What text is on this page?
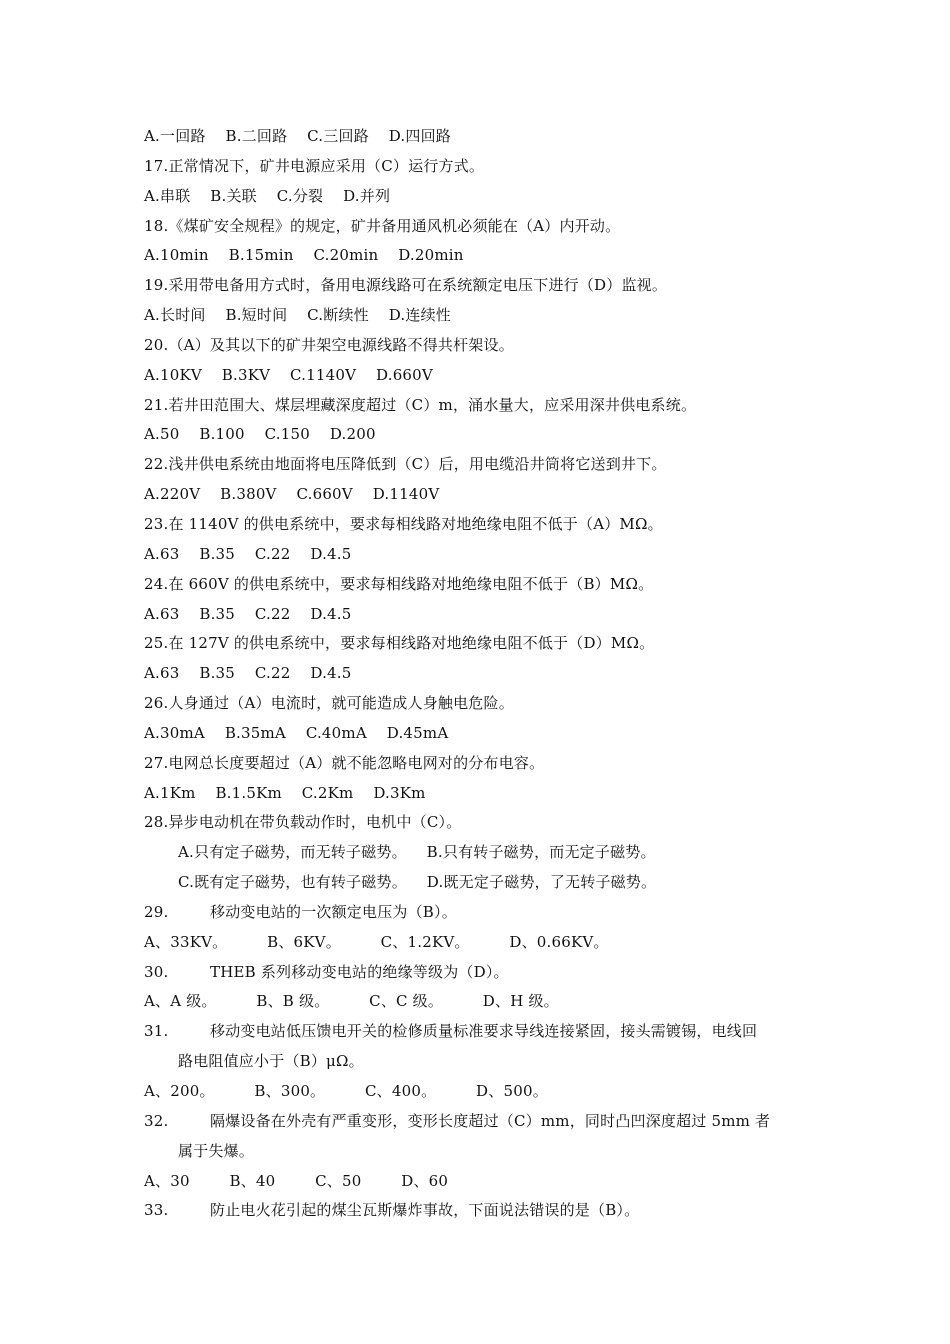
A.一回路    B.二回路    C.三回路    D.四回路
17.正常情况下，矿井电源应采用（C）运行方式。
A.串联    B.关联    C.分裂    D.并列
18.《煤矿安全规程》的规定，矿井备用通风机必须能在（A）内开动。
A.10min    B.15min    C.20min    D.20min
19.采用带电备用方式时，备用电源线路可在系统额定电压下进行（D）监视。
A.长时间    B.短时间    C.断续性    D.连续性
20.（A）及其以下的矿井架空电源线路不得共杆架设。
A.10KV    B.3KV    C.1140V    D.660V
21.若井田范围大、煤层埋藏深度超过（C）m，涌水量大，应采用深井供电系统。
A.50    B.100    C.150    D.200
22.浅井供电系统由地面将电压降低到（C）后，用电缆沿井筒将它送到井下。
A.220V    B.380V    C.660V    D.1140V
23.在 1140V 的供电系统中，要求每相线路对地绝缘电阻不低于（A）MΩ。
A.63    B.35    C.22    D.4.5
24.在 660V 的供电系统中，要求每相线路对地绝缘电阻不低于（B）MΩ。
A.63    B.35    C.22    D.4.5
25.在 127V 的供电系统中，要求每相线路对地绝缘电阻不低于（D）MΩ。
A.63    B.35    C.22    D.4.5
26.人身通过（A）电流时，就可能造成人身触电危险。
A.30mA    B.35mA    C.40mA    D.45mA
27.电网总长度要超过（A）就不能忽略电网对的分布电容。
A.1Km    B.1.5Km    C.2Km    D.3Km
28.异步电动机在带负载动作时，电机中（C）。
A.只有定子磁势，而无转子磁势。    B.只有转子磁势，而无定子磁势。
C.既有定子磁势，也有转子磁势。    D.既无定子磁势，了无转子磁势。
29.	移动变电站的一次额定电压为（B）。
A、33KV。        B、6KV。        C、1.2KV。        D、0.66KV。
30.	THEB 系列移动变电站的绝缘等级为（D）。
A、A 级。        B、B 级。        C、C 级。        D、H 级。
31.	移动变电站低压馈电开关的检修质量标准要求导线连接紧固，接头需镀锡，电线回
路电阻值应小于（B）μΩ。
A、200。        B、300。        C、400。        D、500。
32.	隔爆设备在外壳有严重变形，变形长度超过（C）mm，同时凸凹深度超过 5mm 者
属于失爆。
A、30        B、40        C、50        D、60
33.	防止电火花引起的煤尘瓦斯爆炸事故，下面说法错误的是（B）。
